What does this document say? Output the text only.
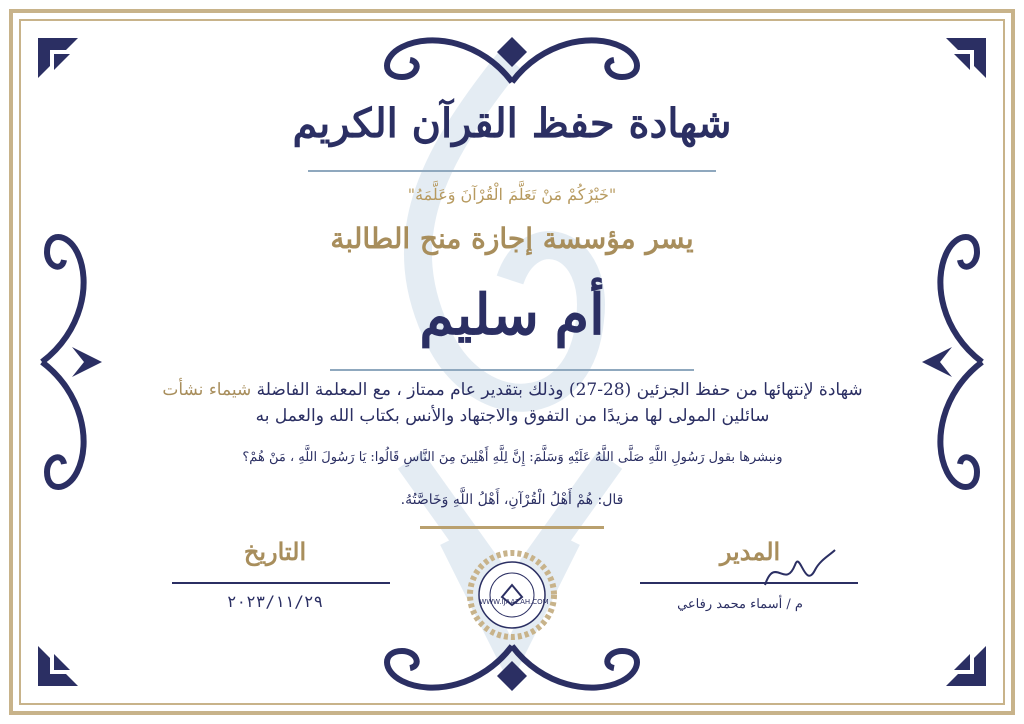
شهادة حفظ القرآن الكريم
"خَيْرُكُمْ مَنْ تَعَلَّمَ الْقُرْآنَ وَعَلَّمَهُ"
يسر مؤسسة إجازة منح الطالبة
أم سليم
شهادة لإنتهائها من حفظ الجزئين (28-27) وذلك بتقدير عام ممتاز ، مع المعلمة الفاضلة شيماء نشأت
سائلين المولى لها مزيدًا من التفوق والاجتهاد والأنس بكتاب الله والعمل به
ونبشرها بقول رَسُولِ اللَّهِ صَلَّى اللَّهُ عَلَيْهِ وَسَلَّمَ: إِنَّ لِلَّهِ أَهْلِينَ مِنَ النَّاسِ قَالُوا: يَا رَسُولَ اللَّهِ ، مَنْ هُمْ؟
قال: هُمْ أَهْلُ الْقُرْآنِ، أَهْلُ اللَّهِ وَخَاصَّتُهُ.
التاريخ
٢٠٢٣/١١/٢٩
المدير
م / أسماء محمد رفاعي
WWW.IJAAZAH.COM
